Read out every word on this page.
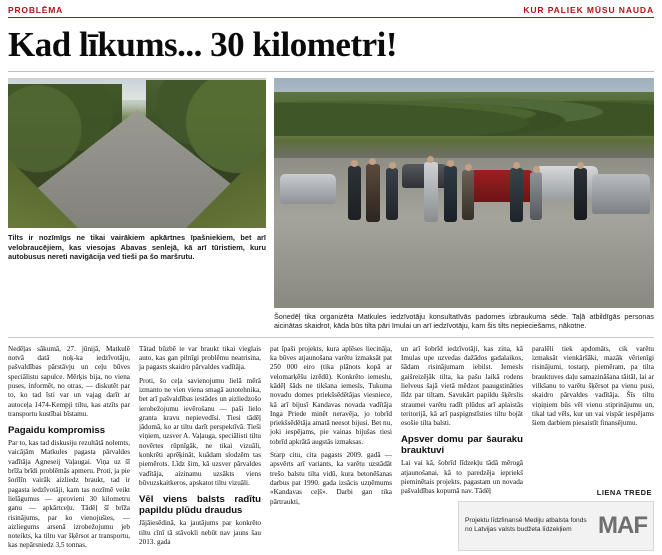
PROBLĒMA	KUR PALIEK MŪSU NAUDA
Kad līkums... 30 kilometri!
Tilts ir nozīmīgs ne tikai vairākiem apkārtnes īpašniekiem, bet arī velobraucējiem, kas viesojas Abavas senlejā, kā arī tūristiem, kuru autobusus nereti navigācija ved tieši pa šo maršrutu.
Šonedēļ tika organizēta Matkules iedzīvotāju konsultatīvās padomes izbraukuma sēde. Taļā atbildīgās personas aicinātas skaidrot, kāda būs tilta pāri Imulai un arī iedzīvotāju, kam šis tilts nepieciešams, nākotne.

Nedēļas sākumā, 27. jūnijā, Matkulē notvā datā noķ-ka iedzīvotāju, pašvaldības pārstāvju un ceļu būves speciālistu sapulce. Mērķis bija, no viena puses, informēt, no otras, — diskutēt par to, ko tad īsti var un vajag darīt ar autoceļa 1474-Kempji tiltu, kas atzīts par transportu kustībai bīstamu.

Pagaidu kompromiss

Par to, kas tad diskusiju rezultātā nolemts, vaicājām Matkules pagasta pārvaldes vadītāja Agneseij Vaļaugai. Viņa uz šī brīža brīdi problēmās apmeru. Proti, ja pie šorīlīn vairāk aizliedz braukt, tad ir pagasta iedzīvotāji, kam tas nozīmē veikt lielāgumus — aprovieni 30 kilometru ganu — apkārtceļu. Tādēļ šī brīža risinājums, par ko vienojušies, — aizliegums arsenā izrobežojumu jeb noteikts, ka tiltu var šķērsot ar transportu, kas nepārsniedz 3,5 tonnas.

Tātad būzbē te var braukt tikai vieglais auto, kas gan pilnīgi problēmu neatrisina, ja pagasts skaidro pārvaldes vadītāja.

Proti, šo ceļa savienojumu lielā mērā izmanto ne vien viena smagā autotehnika, bet arī pašvaldības iestādes un aizliedzošo ierobežojumu ievērošanu — paši lielo granta kravu nepievedīsi. Tiesi tādēļ jādomā, ko ar tiltu darīt perspektīvā. Tieši viņiem, uzsver A. Vaļauga, speciālisti tiltu novērtes rūpnīgāk, ne tikai vizuāli, konkrēti aprēķināt, kuādam slodzēm tas piemērots. Līdz šim, kā uzsver pārvaldes vadītāja, aizinamu uzsākts viens būvuzskaitkeros, apskatot tiltu vizuāli.

Vēl viens balsts radītu papildu plūdu draudus

Jājāiesēdinā, ka jautājums par konkrēto tiltu cīnī tā stāvokli nebūt nav jauns šau 2013. gada

pat īpaši projekts, kura aplēses liecināja, ka būves atjaunošana varētu izmaksāt pat 250 000 eiro (tika plānots kopā ar velomarķēšu izrēdū). Konkrēto iemeslu, kādēļ šāds ne tikšana iemesls, Tukuma novadu domes priekšsēdētājas viesniece, kā arī bijusī Kandavas novada vadītāja Inga Priede minēt neravēja, jo tobrīd priekšsēdētāja amatā neesot bijusi. Bet nu, joki iespējams, pie vainas bijušas tiesi tobrīd apkrātā augstās izmaksas.

Starp citu, cita pagasts 2009. gadā — apsvērts arī variants, ka varētu uzstādāt trešo balstu tilta vidū, kura betonēšanas darbus pat 1990. gada izsācis uzņēmums «Kandavas ceļš». Darbi gan tika pārtraukti,

un arī šobrīd iedzīvotāji, kas zina, kā Imulas upe uzvedas dažādos gadalaikos, šādam risinājumam iebilst. Iemesls gaišreizējāk tilta, ka pašu laikā rodens lielveus šajā vietā mēdzot paaugstināties līdz par tiltam. Savukārt papildu šķērslis straumei varētu radīt plūdus arī aplaistās teritorijā, kā arī paspignstīsties tiltu bojāt esošie tilta balsti.

Apsver domu par šauraku brauktuvi

Lai vai kā, šobrīd līdzekļu tādā mērogā atjaunošanai, kā to paredzēja iepriekš pieminētais projekts, pagastam un novada pašvaldības kopumā nav. Tādēļ

paralēli tiek apdomāts, cik varētu izmaksāt vienkāršāki, mazāk vērienīgi risinājumi, tostarp, piemēram, pa tilta brauktuves daļu samazināšana tāitāl, lai ar vilkšanu to varētu šķērsot pa vienu pusi, skaidro pārvaldes vadītāja. Šīs tiltu viņiņiem būs vēl vienu stiprinājumu un, tikal tad vēls, kur un vai vispār iespējams šiem darbiem piesaistīt finansējumu.

LIENA TREDE
Projektu līdzfinansē Mediju atbalsta fonds no Latvijas valsts budžeta līdzekļiem	MAF
